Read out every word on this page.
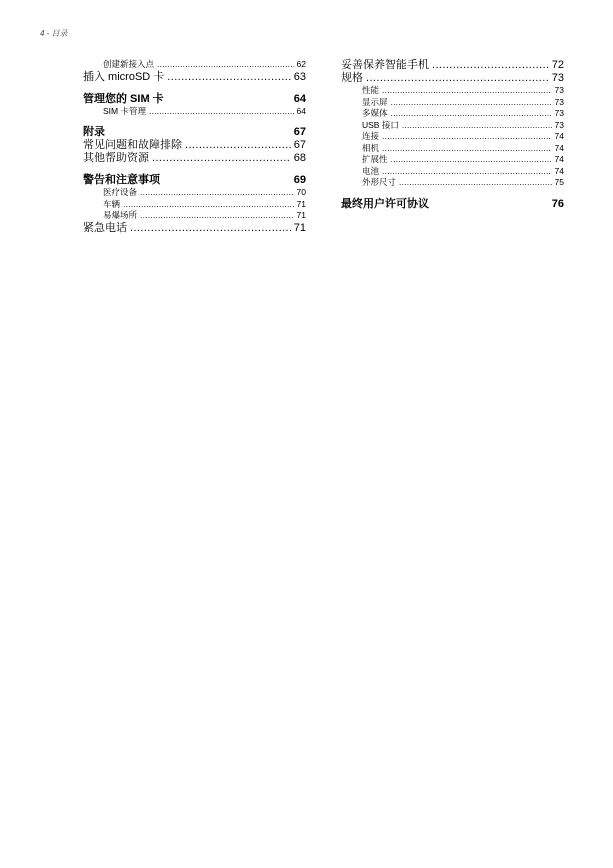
4 - 目录
创建新接入点 .....	62
插入 microSD 卡 .....	63
管理您的 SIM 卡	64
SIM 卡管理 .....	64
附录	67
常见问题和故障排除 .....	67
其他帮助资源 .....	68
警告和注意事项	69
医疗设备 .....	70
车辆 .....	71
易爆场所 .....	71
紧急电话 .....	71
妥善保养智能手机 .....	72
规格 .....	73
性能 .....	73
显示屏 .....	73
多媒体 .....	73
USB 接口 .....	73
连接 .....	74
相机 .....	74
扩展性 .....	74
电池 .....	74
外形尺寸 .....	75
最终用户许可协议	76
